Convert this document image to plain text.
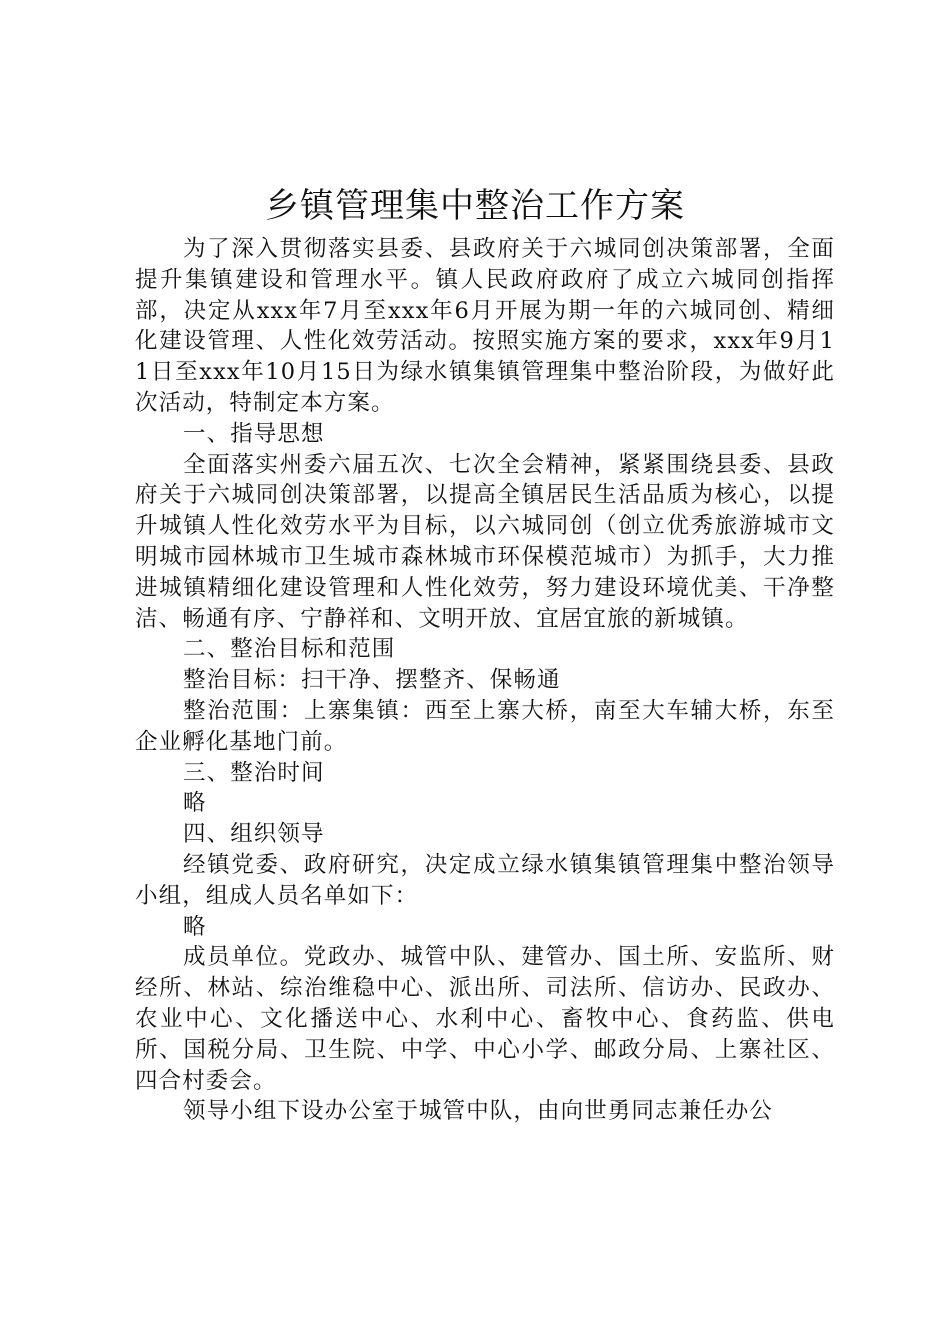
乡镇管理集中整治工作方案

为了深入贯彻落实县委、县政府关于六城同创决策部署，全面提升集镇建设和管理水平。镇人民政府政府了成立六城同创指挥部，决定从xxx年7月至xxx年6月开展为期一年的六城同创、精细化建设管理、人性化效劳活动。按照实施方案的要求，xxx年9月11日至xxx年10月15日为绿水镇集镇管理集中整治阶段，为做好此次活动，特制定本方案。

一、指导思想

全面落实州委六届五次、七次全会精神，紧紧围绕县委、县政府关于六城同创决策部署，以提高全镇居民生活品质为核心，以提升城镇人性化效劳水平为目标，以六城同创（创立优秀旅游城市文明城市园林城市卫生城市森林城市环保模范城市）为抓手，大力推进城镇精细化建设管理和人性化效劳，努力建设环境优美、干净整洁、畅通有序、宁静祥和、文明开放、宜居宜旅的新城镇。

二、整治目标和范围

整治目标：扫干净、摆整齐、保畅通

整治范围：上寨集镇：西至上寨大桥，南至大车辅大桥，东至企业孵化基地门前。

三、整治时间

略

四、组织领导

经镇党委、政府研究，决定成立绿水镇集镇管理集中整治领导小组，组成人员名单如下：

略

成员单位。党政办、城管中队、建管办、国土所、安监所、财经所、林站、综治维稳中心、派出所、司法所、信访办、民政办、农业中心、文化播送中心、水利中心、畜牧中心、食药监、供电所、国税分局、卫生院、中学、中心小学、邮政分局、上寨社区、四合村委会。

领导小组下设办公室于城管中队，由向世勇同志兼任办公
